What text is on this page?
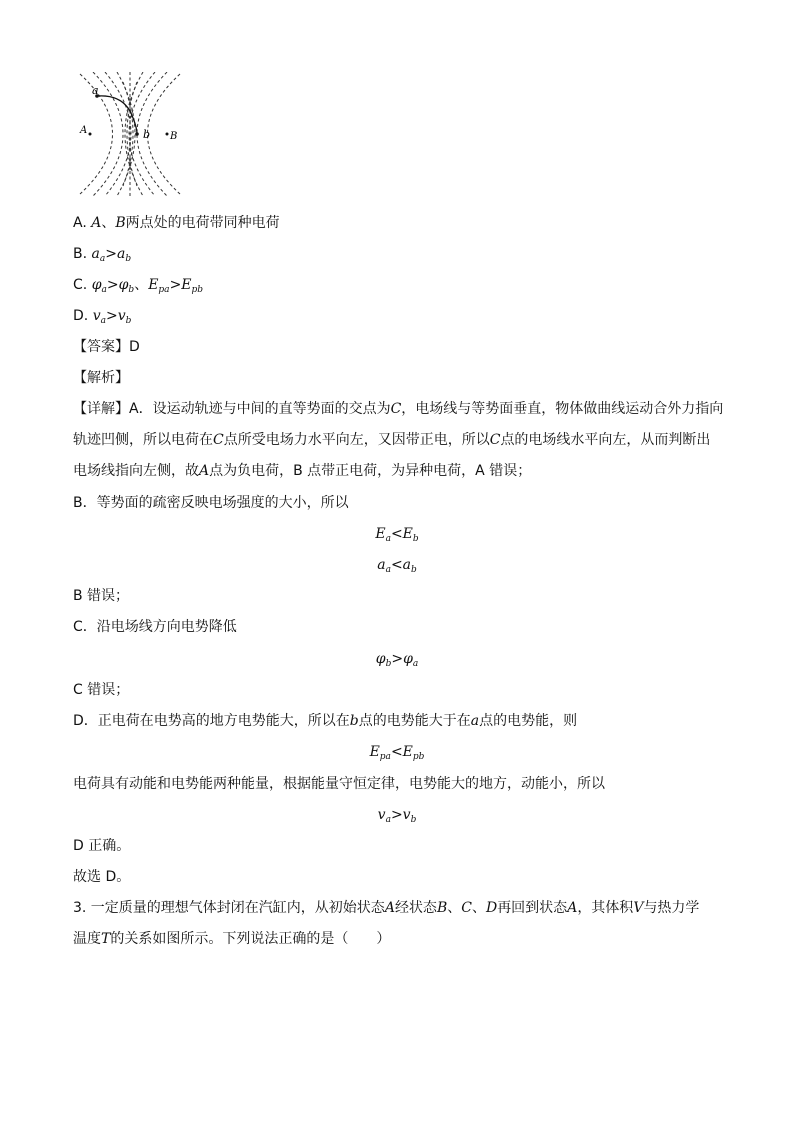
a
b
A
B
A. A、B两点处的电荷带同种电荷
B. $a_a>a_b$
C. $\varphi_a>\varphi_b$、$E_{pa}>E_{pb}$
D. $v_a>v_b$
【答案】D
【解析】
【详解】A．设运动轨迹与中间的直等势面的交点为C，电场线与等势面垂直，物体做曲线运动合外力指向
轨迹凹侧，所以电荷在C点所受电场力水平向左，又因带正电，所以C点的电场线水平向左，从而判断出
电场线指向左侧，故A点为负电荷，B 点带正电荷，为异种电荷，A 错误；
B．等势面的疏密反映电场强度的大小，所以
$E_a<E_b$
$a_a<a_b$
B 错误；
C．沿电场线方向电势降低
$\varphi_b>\varphi_a$
C 错误；
D．正电荷在电势高的地方电势能大，所以在b点的电势能大于在a点的电势能，则
$E_{pa}<E_{pb}$
电荷具有动能和电势能两种能量，根据能量守恒定律，电势能大的地方，动能小，所以
$v_a>v_b$
D 正确。
故选 D。
3. 一定质量的理想气体封闭在汽缸内，从初始状态A经状态B、C、D再回到状态A，其体积V与热力学
温度T的关系如图所示。下列说法正确的是（　　）
